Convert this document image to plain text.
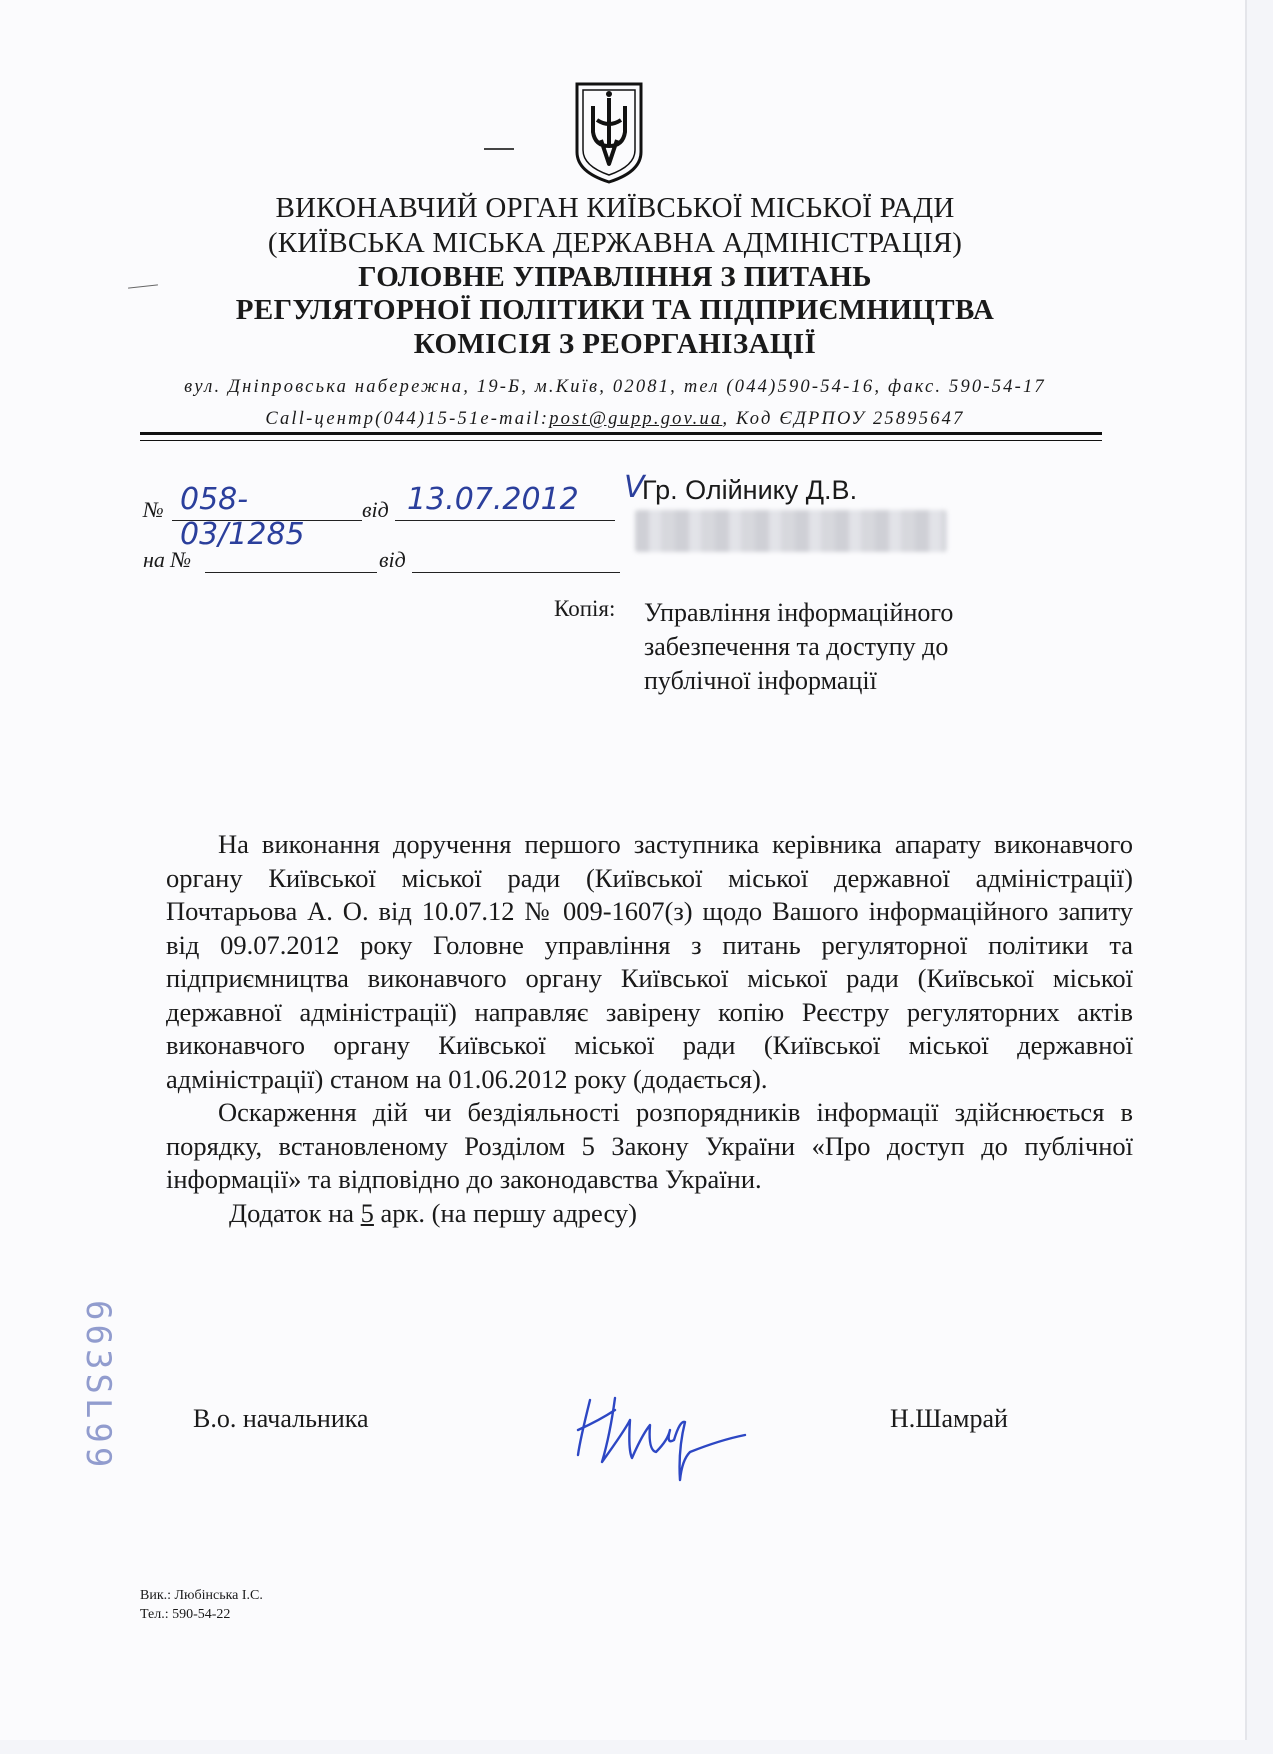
ВИКОНАВЧИЙ ОРГАН КИЇВСЬКОЇ МІСЬКОЇ РАДИ
(КИЇВСЬКА МІСЬКА ДЕРЖАВНА АДМІНІСТРАЦІЯ)
ГОЛОВНЕ УПРАВЛІННЯ З ПИТАНЬ
РЕГУЛЯТОРНОЇ ПОЛІТИКИ ТА ПІДПРИЄМНИЦТВА
КОМІСІЯ З РЕОРГАНІЗАЦІЇ
вул. Дніпровська набережна, 19-Б, м.Київ, 02081, тел (044)590-54-16, факс. 590-54-17
Call-центр(044)15-51e-mail:post@gupp.gov.ua, Код ЄДРПОУ 25895647
№ 058-03/1285
від 13.07.2012
на №	від
V
Гр. Олійнику Д.В.
Копія: Управління інформаційного
забезпечення та доступу до
публічної інформації
На виконання доручення першого заступника керівника апарату виконавчого органу Київської міської ради (Київської міської державної адміністрації) Почтарьова А. О. від 10.07.12 № 009-1607(з) щодо Вашого інформаційного запиту від 09.07.2012 року Головне управління з питань регуляторної політики та підприємництва виконавчого органу Київської міської ради (Київської міської державної адміністрації) направляє завірену копію Реєстру регуляторних актів виконавчого органу Київської міської ради (Київської міської державної адміністрації) станом на 01.06.2012 року (додається).
Оскарження дій чи бездіяльності розпорядників інформації здійснюється в порядку, встановленому Розділом 5 Закону України «Про доступ до публічної інформації» та відповідно до законодавства України.
Додаток на 5 арк. (на першу адресу)
66ЗSL99	В.о. начальника
НШа
Н.Шамрай
Вик.: Любінська І.С.
Тел.: 590-54-22
